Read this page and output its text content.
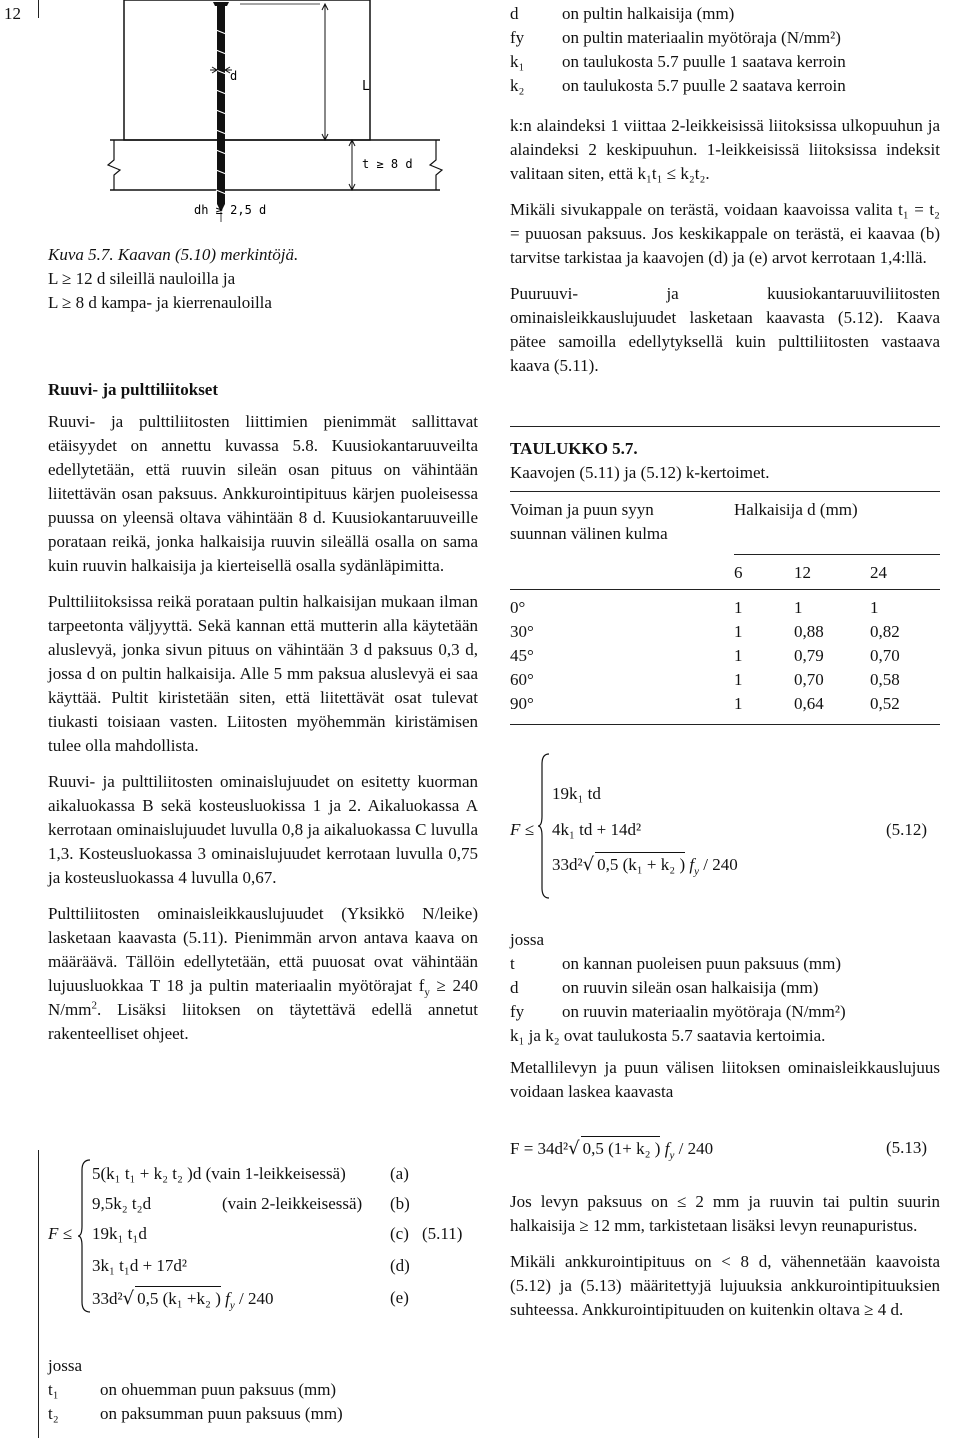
12
d
L
t ≥ 8 d
dh ≥ 2,5 d
Kuva 5.7. Kaavan (5.10) merkintöjä.
L ≥ 12 d sileillä nauloilla ja
L ≥ 8 d kampa- ja kierrenauloilla
Ruuvi- ja pulttiliitokset

Ruuvi- ja pulttiliitosten liittimien pienimmät sallittavat etäisyydet on annettu kuvassa 5.8. Kuusiokantaruuveilta edellytetään, että ruuvin sileän osan pituus on vähintään liitettävän osan paksuus. Ankkurointipituus kärjen puoleisessa puussa on yleensä oltava vähintään 8 d. Kuusiokantaruuveille porataan reikä, jonka halkaisija ruuvin sileällä osalla on sama kuin ruuvin halkaisija ja kierteisellä osalla sydänläpimitta.

Pulttiliitoksissa reikä porataan pultin halkaisijan mukaan ilman tarpeetonta väljyyttä. Sekä kannan että mutterin alla käytetään aluslevyä, jonka sivun pituus on vähintään 3 d paksuus 0,3 d, jossa d on pultin halkaisija. Alle 5 mm paksua aluslevyä ei saa käyttää. Pultit kiristetään siten, että liitettävät osat tulevat tiukasti toisiaan vasten. Liitosten myöhemmän kiristämisen tulee olla mahdollista.

Ruuvi- ja pulttiliitosten ominaislujuudet on esitetty kuorman aikaluokassa B sekä kosteusluokissa 1 ja 2. Aikaluokassa A kerrotaan ominaislujuudet luvulla 0,8 ja aikaluokassa C luvulla 1,3. Kosteusluokassa 3 ominaislujuudet kerrotaan luvulla 0,75 ja kosteusluokassa 4 luvulla 0,67.

Pulttiliitosten ominaisleikkauslujuudet (Yksikkö N/leike) lasketaan kaavasta (5.11). Pienimmän arvon antava kaava on määräävä. Tällöin edellytetään, että puuosat ovat vähintään lujuusluokkaa T 18 ja pultin materiaalin myötörajat $f_y \ge 240$ $N/mm^2$. Lisäksi liitoksen on täytettävä edellä annetut rakenteelliset ohjeet.

F ≤
5(k₁ t₁ + k₂ t₂ )d (vain 1-leikkeisessä)	(a)
9,5k₂ t₂d	(vain 2-leikkeisessä) (b)
19k₁ t₁d	(c) (5.11)
3k₁ t₁d + 17d²	(d)
33d²√ 0,5 (k₁ +k₂ ) $f_y / 240$	(e)
jossa
t₁	on ohuemman puun paksuus (mm)
t₂	on paksumman puun paksuus (mm)
d	on pultin halkaisija (mm)
fy	on pultin materiaalin myötöraja (N/mm²)
k₁	on taulukosta 5.7 puulle 1 saatava kerroin
k₂	on taulukosta 5.7 puulle 2 saatava kerroin

k:n alaindeksi 1 viittaa 2-leikkeisissä liitoksissa ulkopuuhun ja alaindeksi 2 keskipuuhun. 1-leikkeisissä liitoksissa indeksit valitaan siten, että k₁t₁ ≤ k₂t₂.

Mikäli sivukappale on terästä, voidaan kaavoissa valita t₁ = t₂ = puuosan paksuus. Jos keskikappale on terästä, ei kaavaa (b) tarvitse tarkistaa ja kaavojen (d) ja (e) arvot kerrotaan 1,4:llä.

Puuruuvi- ja kuusiokantaruuviliitosten ominaisleikkauslujuudet lasketaan kaavasta (5.12). Kaava pätee samoilla edellytyksellä kuin pulttiliitosten vastaava kaava (5.11).

TAULUKKO 5.7.
Kaavojen (5.11) ja (5.12) k-kertoimet.
Voiman ja puun syyn
suunnan välinen kulma
Halkaisija d (mm)
6	12	24
0°	1	1	1
30°	1	0,88	0,82
45°	1	0,79	0,70
60°	1	0,70	0,58
90°	1	0,64	0,52
F ≤
19k₁ td
4k₁ td + 14d²
33d²√ 0,5 (k₁ + k₂ ) $f_y / 240$
(5.12)
jossa
t	on kannan puoleisen puun paksuus (mm)
d	on ruuvin sileän osan halkaisija (mm)
fy	on ruuvin materiaalin myötöraja (N/mm²)
k₁ ja k₂ ovat taulukosta 5.7 saatavia kertoimia.

Metallilevyn ja puun välisen liitoksen ominaisleikkauslujuus voidaan laskea kaavasta

F = 34d²√ 0,5 (1+ k₂ ) $f_y / 240$	(5.13)

Jos levyn paksuus on ≤ 2 mm ja ruuvin tai pultin suurin halkaisija ≥ 12 mm, tarkistetaan lisäksi levyn reunapuristus.

Mikäli ankkurointipituus on < 8 d, vähennetään kaavoista (5.12) ja (5.13) määritettyjä lujuuksia ankkurointipituuksien suhteessa. Ankkurointipituuden on kuitenkin oltava ≥ 4 d.
